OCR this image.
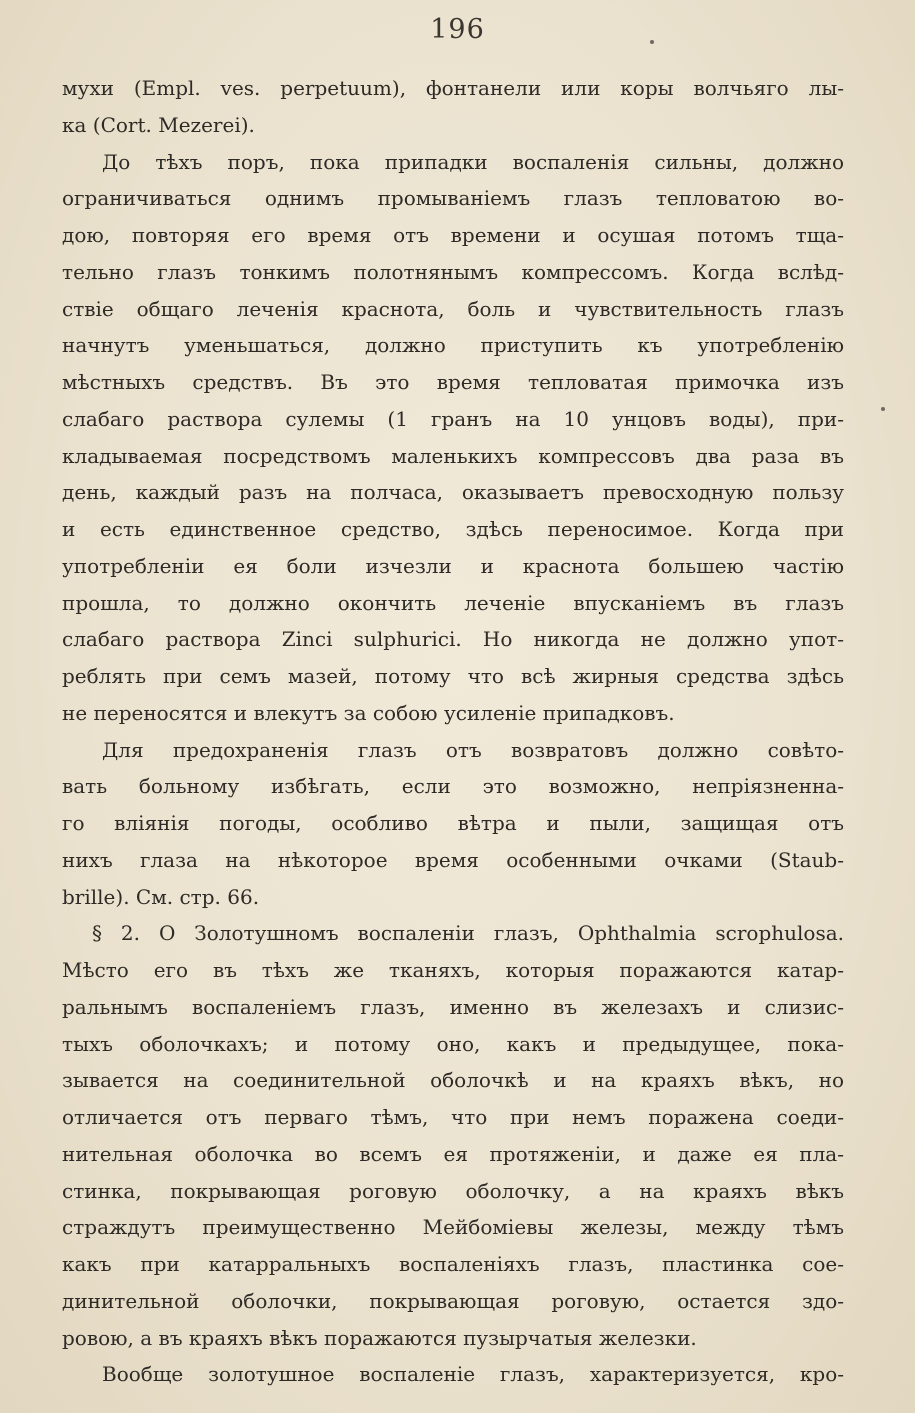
196
мухи (Empl. ves. perpetuum), фонтанели или коры волчьяго лы-
ка (Cort. Mezerei).
До тѣхъ поръ, пока припадки воспаленія сильны, должно
ограничиваться однимъ промываніемъ глазъ тепловатою во-
дою, повторяя его время отъ времени и осушая потомъ тща-
тельно глазъ тонкимъ полотнянымъ компрессомъ. Когда вслѣд-
ствіе общаго леченія краснота, боль и чувствительность глазъ
начнутъ уменьшаться, должно приступить къ употребленію
мѣстныхъ средствъ. Въ это время тепловатая примочка изъ
слабаго раствора сулемы (1 гранъ на 10 унцовъ воды), при-
кладываемая посредствомъ маленькихъ компрессовъ два раза въ
день, каждый разъ на полчаса, оказываетъ превосходную пользу
и есть единственное средство, здѣсь переносимое. Когда при
употребленіи ея боли изчезли и краснота большею частію
прошла, то должно окончить леченіе впусканіемъ въ глазъ
слабаго раствора Zinci sulphurici. Но никогда не должно упот-
реблять при семъ мазей, потому что всѣ жирныя средства здѣсь
не переносятся и влекутъ за собою усиленіе припадковъ.
Для предохраненія глазъ отъ возвратовъ должно совѣто-
вать больному избѣгать, если это возможно, непріязненна-
го вліянія погоды, особливо вѣтра и пыли, защищая отъ
нихъ глаза на нѣкоторое время особенными очками (Staub-
brille). См. стр. 66.
§ 2. О Золотушномъ воспаленіи глазъ, Ophthalmia scrophulosa.
Мѣсто его въ тѣхъ же тканяхъ, которыя поражаются катар-
ральнымъ воспаленіемъ глазъ, именно въ железахъ и слизис-
тыхъ оболочкахъ; и потому оно, какъ и предыдущее, пока-
зывается на соединительной оболочкѣ и на краяхъ вѣкъ, но
отличается отъ перваго тѣмъ, что при немъ поражена соеди-
нительная оболочка во всемъ ея протяженіи, и даже ея пла-
стинка, покрывающая роговую оболочку, а на краяхъ вѣкъ
страждутъ преимущественно Мейбоміевы железы, между тѣмъ
какъ при катарральныхъ воспаленіяхъ глазъ, пластинка сое-
динительной оболочки, покрывающая роговую, остается здо-
ровою, а въ краяхъ вѣкъ поражаются пузырчатыя железки.
Вообще золотушное воспаленіе глазъ, характеризуется, кро-
